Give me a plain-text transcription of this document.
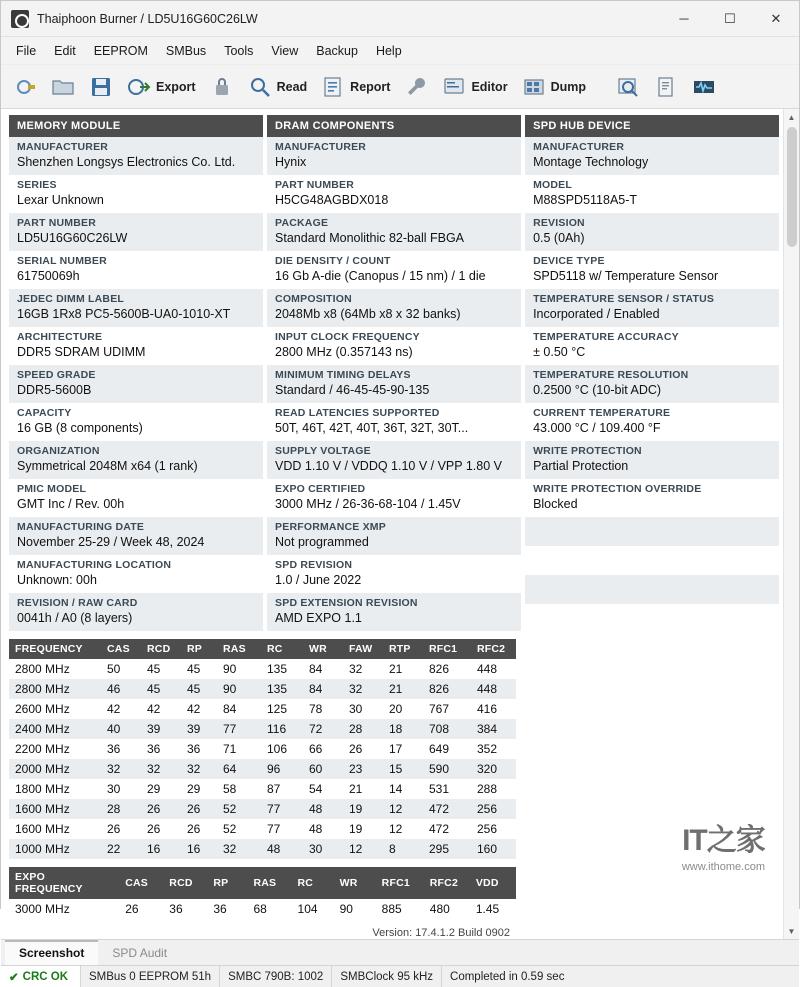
Thaiphoon Burner / LD5U16G60C26LW	─	☐	✕
File	Edit	EEPROM	SMBus	Tools	View	Backup	Help
Export	Read	Report	Editor	Dump
MEMORY MODULE
MANUFACTURER
Shenzhen Longsys Electronics Co. Ltd.
SERIES
Lexar Unknown
PART NUMBER
LD5U16G60C26LW
SERIAL NUMBER
61750069h
JEDEC DIMM LABEL
16GB 1Rx8 PC5-5600B-UA0-1010-XT
ARCHITECTURE
DDR5 SDRAM UDIMM
SPEED GRADE
DDR5-5600B
CAPACITY
16 GB (8 components)
ORGANIZATION
Symmetrical 2048M x64 (1 rank)
PMIC MODEL
GMT Inc / Rev. 00h
MANUFACTURING DATE
November 25-29 / Week 48, 2024
MANUFACTURING LOCATION
Unknown: 00h
REVISION / RAW CARD
0041h / A0 (8 layers)

DRAM COMPONENTS
MANUFACTURER
Hynix
PART NUMBER
H5CG48AGBDX018
PACKAGE
Standard Monolithic 82-ball FBGA
DIE DENSITY / COUNT
16 Gb A-die (Canopus / 15 nm) / 1 die
COMPOSITION
2048Mb x8 (64Mb x8 x 32 banks)
INPUT CLOCK FREQUENCY
2800 MHz (0.357143 ns)
MINIMUM TIMING DELAYS
Standard / 46-45-45-90-135
READ LATENCIES SUPPORTED
50T, 46T, 42T, 40T, 36T, 32T, 30T...
SUPPLY VOLTAGE
VDD 1.10 V / VDDQ 1.10 V / VPP 1.80 V
EXPO CERTIFIED
3000 MHz / 26-36-68-104 / 1.45V
PERFORMANCE XMP
Not programmed
SPD REVISION
1.0 / June 2022
SPD EXTENSION REVISION
AMD EXPO 1.1

SPD HUB DEVICE
MANUFACTURER
Montage Technology
MODEL
M88SPD5118A5-T
REVISION
0.5 (0Ah)
DEVICE TYPE
SPD5118 w/ Temperature Sensor
TEMPERATURE SENSOR / STATUS
Incorporated / Enabled
TEMPERATURE ACCURACY
± 0.50 °C
TEMPERATURE RESOLUTION
0.2500 °C (10-bit ADC)
CURRENT TEMPERATURE
43.000 °C / 109.400 °F
WRITE PROTECTION
Partial Protection
WRITE PROTECTION OVERRIDE
Blocked
FREQUENCY	CAS	RCD	RP	RAS	RC	WR	FAW	RTP	RFC1	RFC2
2800 MHz	50	45	45	90	135	84	32	21	826	448
2800 MHz	46	45	45	90	135	84	32	21	826	448
2600 MHz	42	42	42	84	125	78	30	20	767	416
2400 MHz	40	39	39	77	116	72	28	18	708	384
2200 MHz	36	36	36	71	106	66	26	17	649	352
2000 MHz	32	32	32	64	96	60	23	15	590	320
1800 MHz	30	29	29	58	87	54	21	14	531	288
1600 MHz	28	26	26	52	77	48	19	12	472	256
1600 MHz	26	26	26	52	77	48	19	12	472	256
1000 MHz	22	16	16	32	48	30	12	8	295	160
EXPO FREQUENCY	CAS	RCD	RP	RAS	RC	WR	RFC1	RFC2	VDD
3000 MHz	26	36	36	68	104	90	885	480	1.45
Version: 17.4.1.2 Build 0902
IT之家
www.ithome.com
▲
▼
Screenshot	SPD Audit
✔ CRC OK	SMBus 0 EEPROM 51h	SMBC 790B: 1002	SMBClock 95 kHz	Completed in 0.59 sec
